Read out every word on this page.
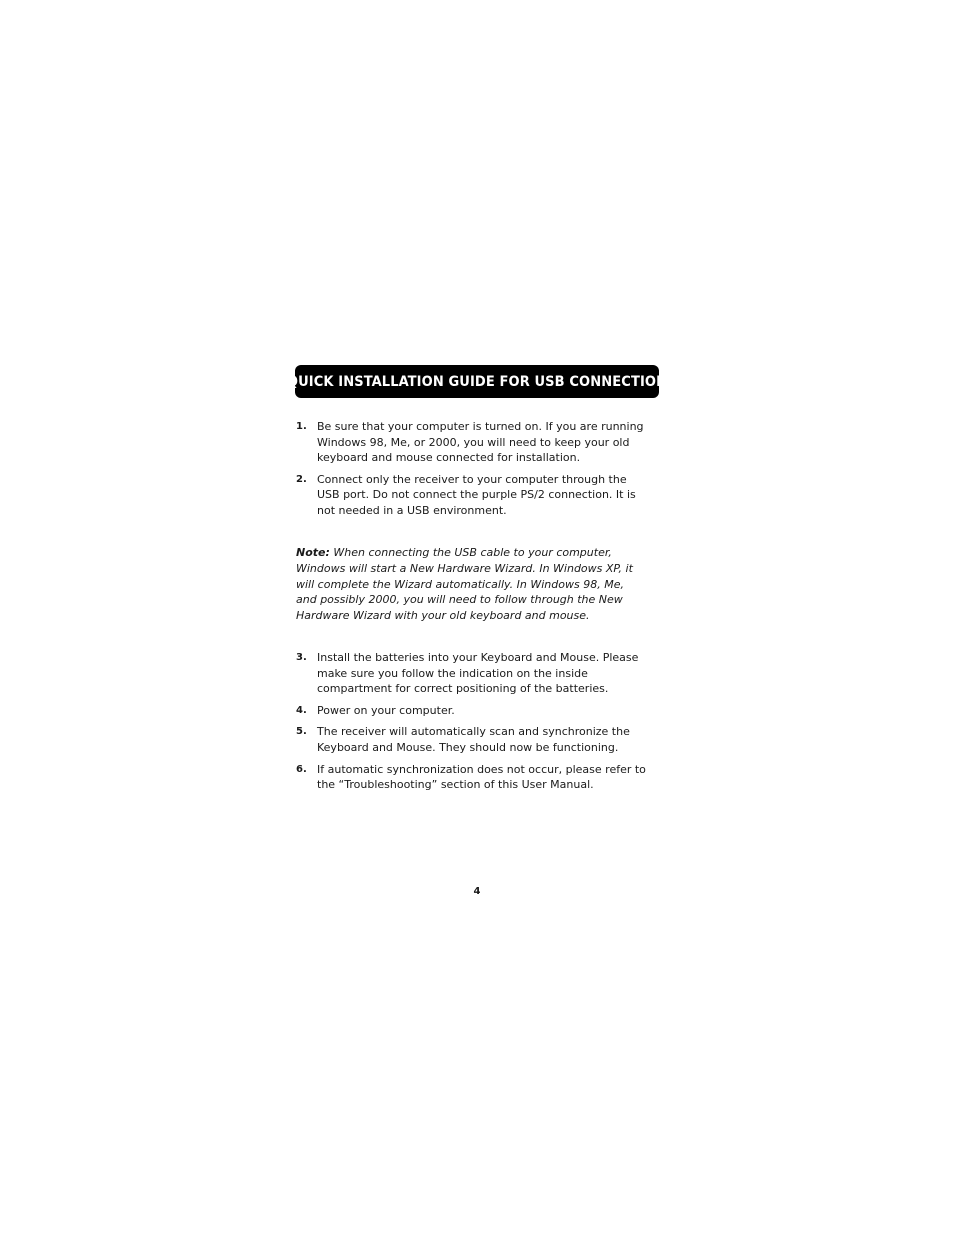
QUICK INSTALLATION GUIDE FOR USB CONNECTION
1. Be sure that your computer is turned on. If you are running Windows 98, Me, or 2000, you will need to keep your old keyboard and mouse connected for installation.
2. Connect only the receiver to your computer through the USB port. Do not connect the purple PS/2 connection. It is not needed in a USB environment.

Note: When connecting the USB cable to your computer, Windows will start a New Hardware Wizard. In Windows XP, it will complete the Wizard automatically. In Windows 98, Me, and possibly 2000, you will need to follow through the New Hardware Wizard with your old keyboard and mouse.

3. Install the batteries into your Keyboard and Mouse. Please make sure you follow the indication on the inside compartment for correct positioning of the batteries.
4. Power on your computer.
5. The receiver will automatically scan and synchronize the Keyboard and Mouse. They should now be functioning.
6. If automatic synchronization does not occur, please refer to the “Troubleshooting” section of this User Manual.
4
